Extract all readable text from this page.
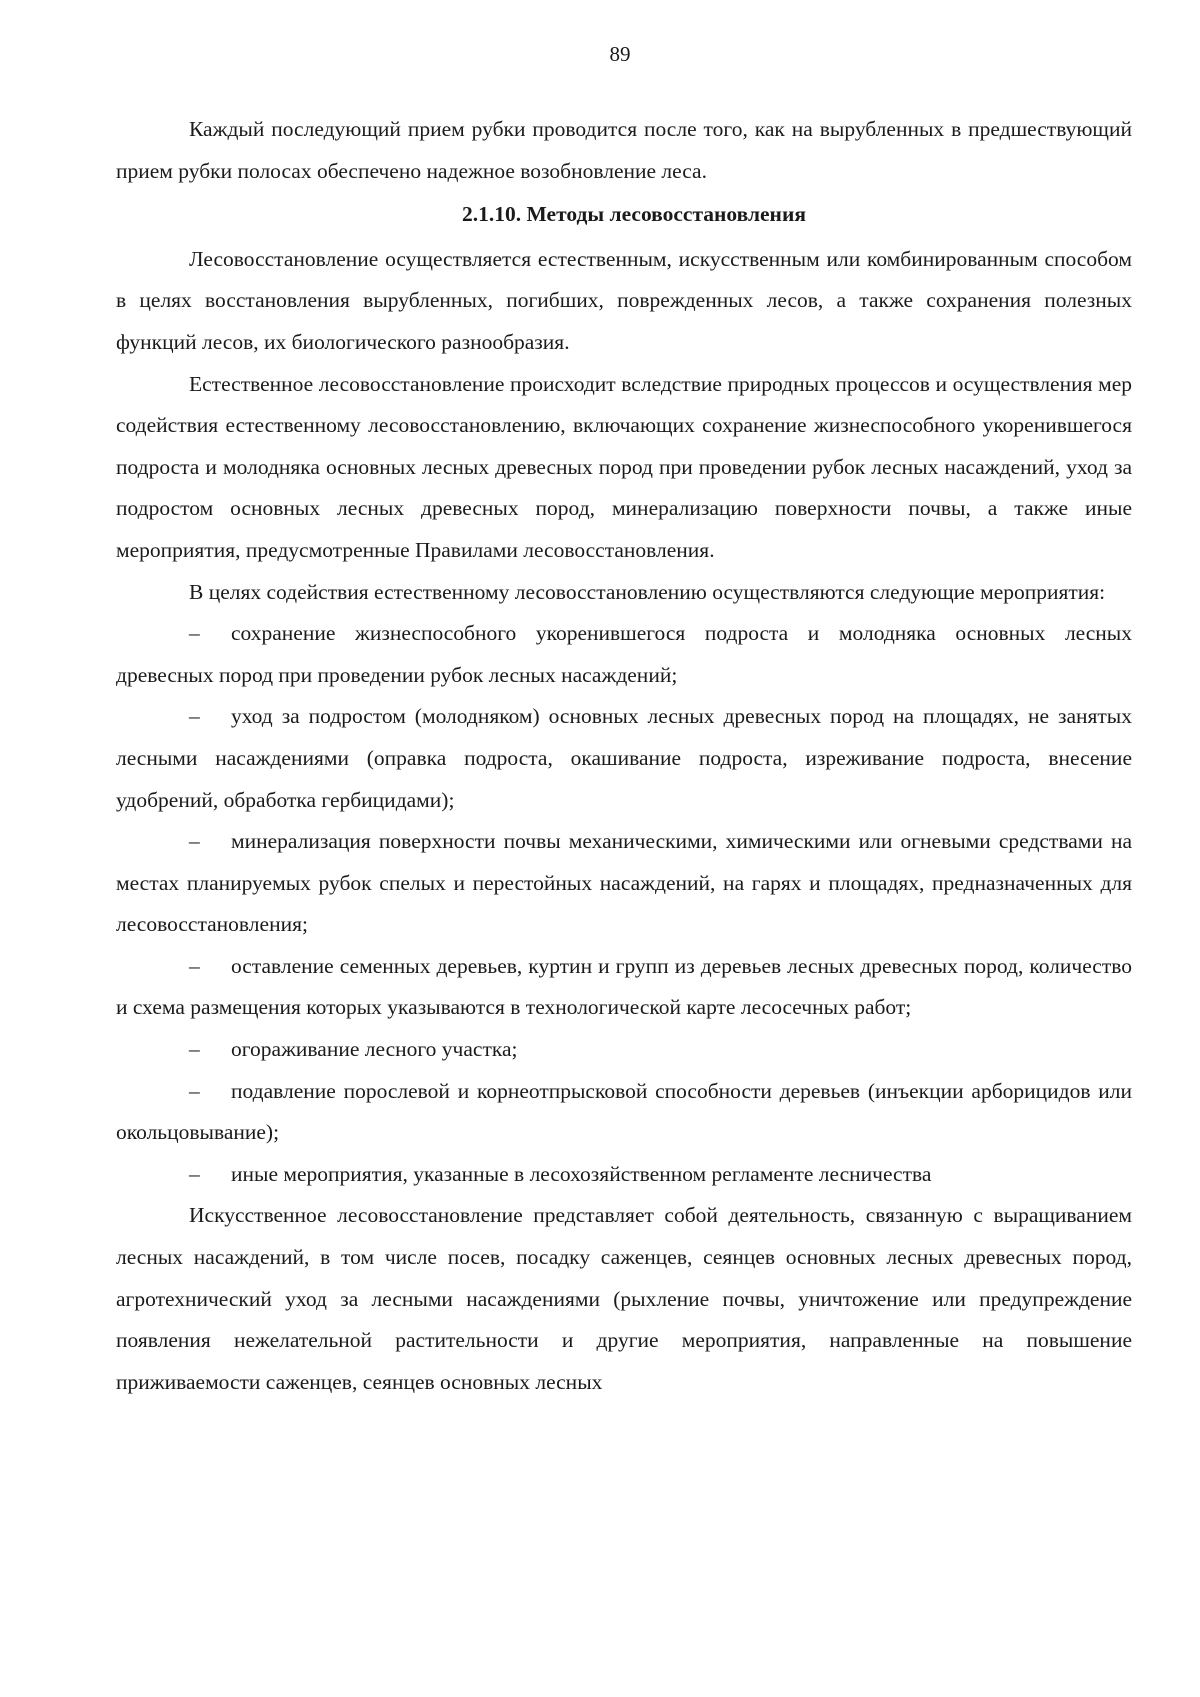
89

Каждый последующий прием рубки проводится после того, как на вырубленных в предшествующий прием рубки полосах обеспечено надежное возобновление леса.

2.1.10. Методы лесовосстановления

Лесовосстановление осуществляется естественным, искусственным или комбинированным способом в целях восстановления вырубленных, погибших, поврежденных лесов, а также сохранения полезных функций лесов, их биологического разнообразия.

Естественное лесовосстановление происходит вследствие природных процессов и осуществления мер содействия естественному лесовосстановлению, включающих сохранение жизнеспособного укоренившегося подроста и молодняка основных лесных древесных пород при проведении рубок лесных насаждений, уход за подростом основных лесных древесных пород, минерализацию поверхности почвы, а также иные мероприятия, предусмотренные Правилами лесовосстановления.

В целях содействия естественному лесовосстановлению осуществляются следующие мероприятия:

– сохранение жизнеспособного укоренившегося подроста и молодняка основных лесных древесных пород при проведении рубок лесных насаждений;

– уход за подростом (молодняком) основных лесных древесных пород на площадях, не занятых лесными насаждениями (оправка подроста, окашивание подроста, изреживание подроста, внесение удобрений, обработка гербицидами);

– минерализация поверхности почвы механическими, химическими или огневыми средствами на местах планируемых рубок спелых и перестойных насаждений, на гарях и площадях, предназначенных для лесовосстановления;

– оставление семенных деревьев, куртин и групп из деревьев лесных древесных пород, количество и схема размещения которых указываются в технологической карте лесосечных работ;

– огораживание лесного участка;

– подавление порослевой и корнеотпрысковой способности деревьев (инъекции арборицидов или окольцовывание);

– иные мероприятия, указанные в лесохозяйственном регламенте лесничества

Искусственное лесовосстановление представляет собой деятельность, связанную с выращиванием лесных насаждений, в том числе посев, посадку саженцев, сеянцев основных лесных древесных пород, агротехнический уход за лесными насаждениями (рыхление почвы, уничтожение или предупреждение появления нежелательной растительности и другие мероприятия, направленные на повышение приживаемости саженцев, сеянцев основных лесных
